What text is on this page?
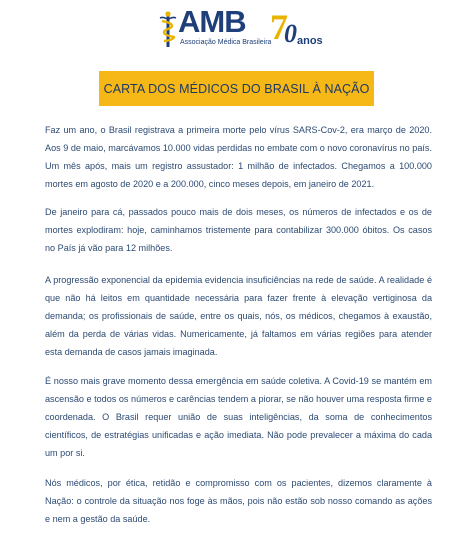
AMB
Associação Médica Brasileira
7
0 anos
CARTA DOS MÉDICOS DO BRASIL À NAÇÃO

Faz um ano, o Brasil registrava a primeira morte pelo vírus SARS-Cov-2, era março de 2020. Aos 9 de maio, marcávamos 10.000 vidas perdidas no embate com o novo coronavírus no país. Um mês após, mais um registro assustador: 1 milhão de infectados. Chegamos a 100.000 mortes em agosto de 2020 e a 200.000, cinco meses depois, em janeiro de 2021.

De janeiro para cá, passados pouco mais de dois meses, os números de infectados e os de mortes explodiram: hoje, caminhamos tristemente para contabilizar 300.000 óbitos. Os casos no País já vão para 12 milhões.

A progressão exponencial da epidemia evidencia insuficiências na rede de saúde. A realidade é que não há leitos em quantidade necessária para fazer frente à elevação vertiginosa da demanda; os profissionais de saúde, entre os quais, nós, os médicos, chegamos à exaustão, além da perda de várias vidas. Numericamente, já faltamos em várias regiões para atender esta demanda de casos jamais imaginada.

É nosso mais grave momento dessa emergência em saúde coletiva. A Covid-19 se mantém em ascensão e todos os números e carências tendem a piorar, se não houver uma resposta firme e coordenada. O Brasil requer união de suas inteligências, da soma de conhecimentos científicos, de estratégias unificadas e ação imediata. Não pode prevalecer a máxima do cada um por si.

Nós médicos, por ética, retidão e compromisso com os pacientes, dizemos claramente à Nação: o controle da situação nos foge às mãos, pois não estão sob nosso comando as ações e nem a gestão da saúde.
